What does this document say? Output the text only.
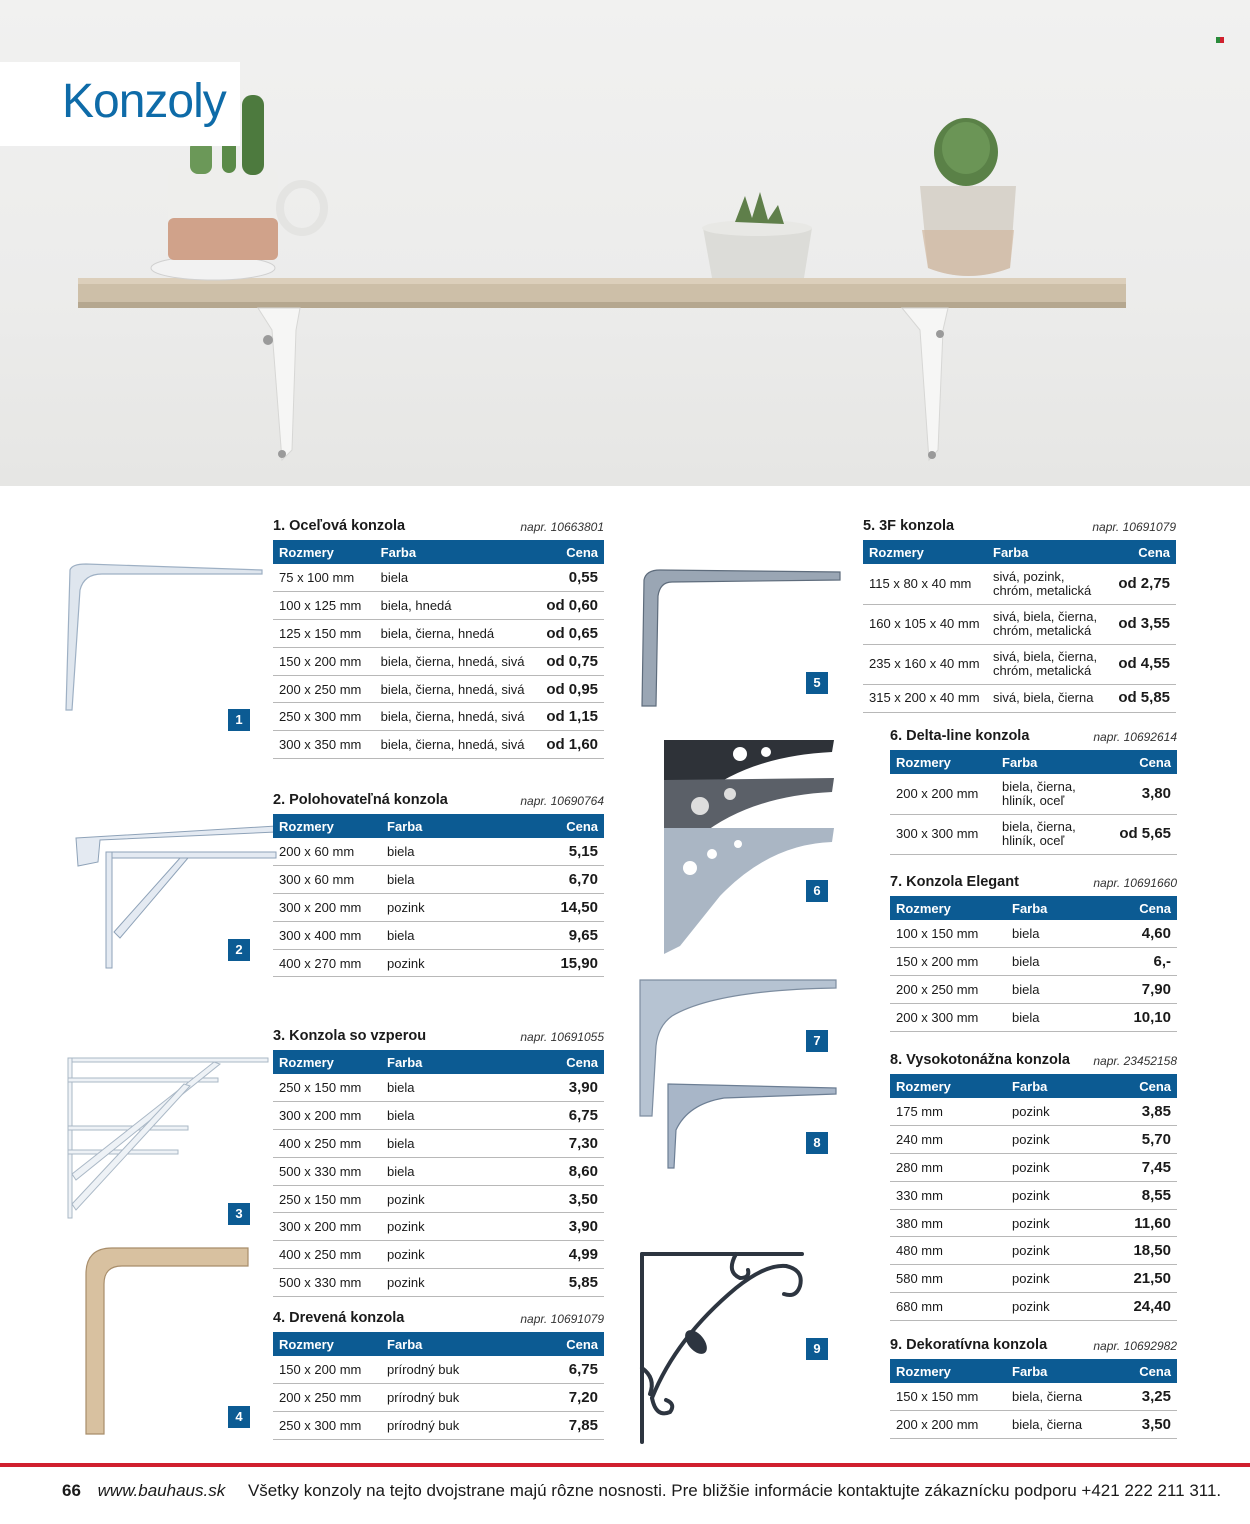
Konzoly
1
2
3
4
5
6
7
8
9
1. Oceľová konzola	napr. 10663801
Rozmery	Farba	Cena
75 x 100 mm	biela	0,55
100 x 125 mm	biela, hnedá	od 0,60
125 x 150 mm	biela, čierna, hnedá	od 0,65
150 x 200 mm	biela, čierna, hnedá, sivá	od 0,75
200 x 250 mm	biela, čierna, hnedá, sivá	od 0,95
250 x 300 mm	biela, čierna, hnedá, sivá	od 1,15
300 x 350 mm	biela, čierna, hnedá, sivá	od 1,60
2. Polohovateľná konzola	napr. 10690764
Rozmery	Farba	Cena
200 x 60 mm	biela	5,15
300 x 60 mm	biela	6,70
300 x 200 mm	pozink	14,50
300 x 400 mm	biela	9,65
400 x 270 mm	pozink	15,90
3. Konzola so vzperou	napr. 10691055
Rozmery	Farba	Cena
250 x 150 mm	biela	3,90
300 x 200 mm	biela	6,75
400 x 250 mm	biela	7,30
500 x 330 mm	biela	8,60
250 x 150 mm	pozink	3,50
300 x 200 mm	pozink	3,90
400 x 250 mm	pozink	4,99
500 x 330 mm	pozink	5,85
4. Drevená konzola	napr. 10691079
Rozmery	Farba	Cena
150 x 200 mm	prírodný buk	6,75
200 x 250 mm	prírodný buk	7,20
250 x 300 mm	prírodný buk	7,85
5. 3F konzola	napr. 10691079
Rozmery	Farba	Cena
115 x 80 x 40 mm	sivá, pozink, chróm, metalická	od 2,75
160 x 105 x 40 mm	sivá, biela, čierna, chróm, metalická	od 3,55
235 x 160 x 40 mm	sivá, biela, čierna, chróm, metalická	od 4,55
315 x 200 x 40 mm	sivá, biela, čierna	od 5,85
6. Delta-line konzola	napr. 10692614
Rozmery	Farba	Cena
200 x 200 mm	biela, čierna, hliník, oceľ	3,80
300 x 300 mm	biela, čierna, hliník, oceľ	od 5,65
7. Konzola Elegant	napr. 10691660
Rozmery	Farba	Cena
100 x 150 mm	biela	4,60
150 x 200 mm	biela	6,-
200 x 250 mm	biela	7,90
200 x 300 mm	biela	10,10
8. Vysokotonážna konzola napr. 23452158
Rozmery	Farba	Cena
175 mm	pozink	3,85
240 mm	pozink	5,70
280 mm	pozink	7,45
330 mm	pozink	8,55
380 mm	pozink	11,60
480 mm	pozink	18,50
580 mm	pozink	21,50
680 mm	pozink	24,40
9. Dekoratívna konzola	napr. 10692982
Rozmery	Farba	Cena
150 x 150 mm	biela, čierna	3,25
200 x 200 mm	biela, čierna	3,50
66 www.bauhaus.sk Všetky konzoly na tejto dvojstrane majú rôzne nosnosti. Pre bližšie informácie kontaktujte zákaznícku podporu +421 222 211 311.
